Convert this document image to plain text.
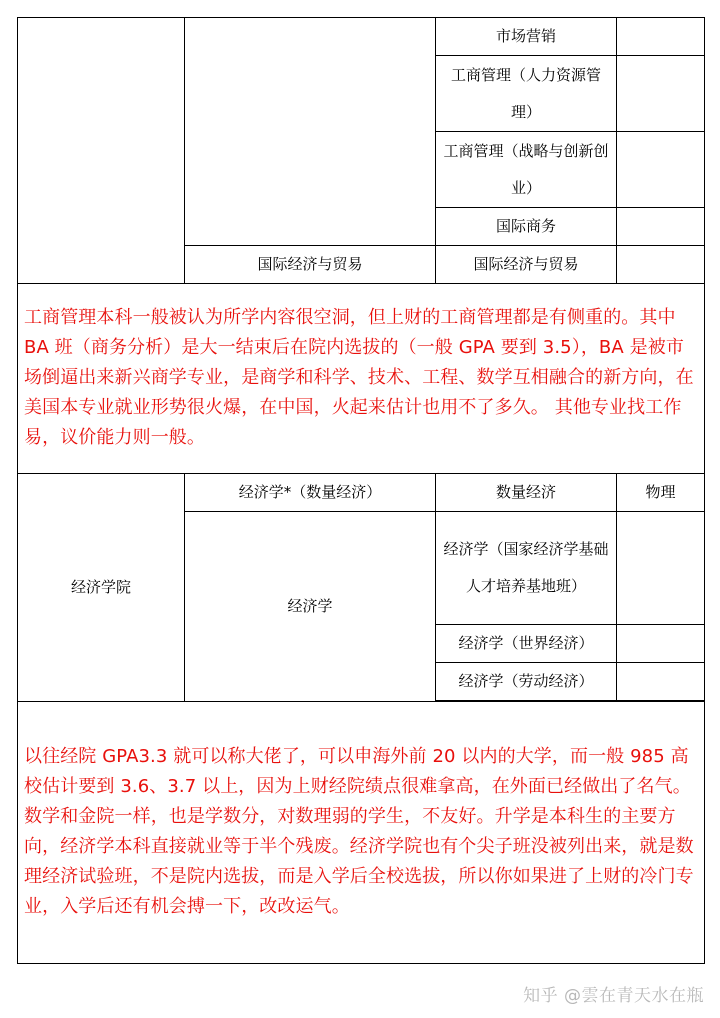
		市场营销	
		工商管理（人力资源管理）	
		工商管理（战略与创新创业）	
		国际商务	
	国际经济与贸易	国际经济与贸易	
工商管理本科一般被认为所学内容很空洞，但上财的工商管理都是有侧重的。其中 BA 班（商务分析）是大一结束后在院内选拔的（一般 GPA 要到 3.5），BA 是被市场倒逼出来新兴商学专业，是商学和科学、技术、工程、数学互相融合的新方向，在美国本专业就业形势很火爆，在中国，火起来估计也用不了多久。 其他专业找工作易，议价能力则一般。			
经济学院	经济学*（数量经济）	数量经济	物理
	经济学	经济学（国家经济学基础人才培养基地班）	
		经济学（世界经济）	
		经济学（劳动经济）	

以往经院 GPA3.3 就可以称大佬了，可以申海外前 20 以内的大学，而一般 985 高校估计要到 3.6、3.7 以上，因为上财经院绩点很难拿高，在外面已经做出了名气。数学和金院一样，也是学数分，对数理弱的学生，不友好。升学是本科生的主要方向，经济学本科直接就业等于半个残废。经济学院也有个尖子班没被列出来，就是数理经济试验班，不是院内选拔，而是入学后全校选拔，所以你如果进了上财的冷门专业，入学后还有机会搏一下，改改运气。			
知乎 @雲在青天水在瓶
